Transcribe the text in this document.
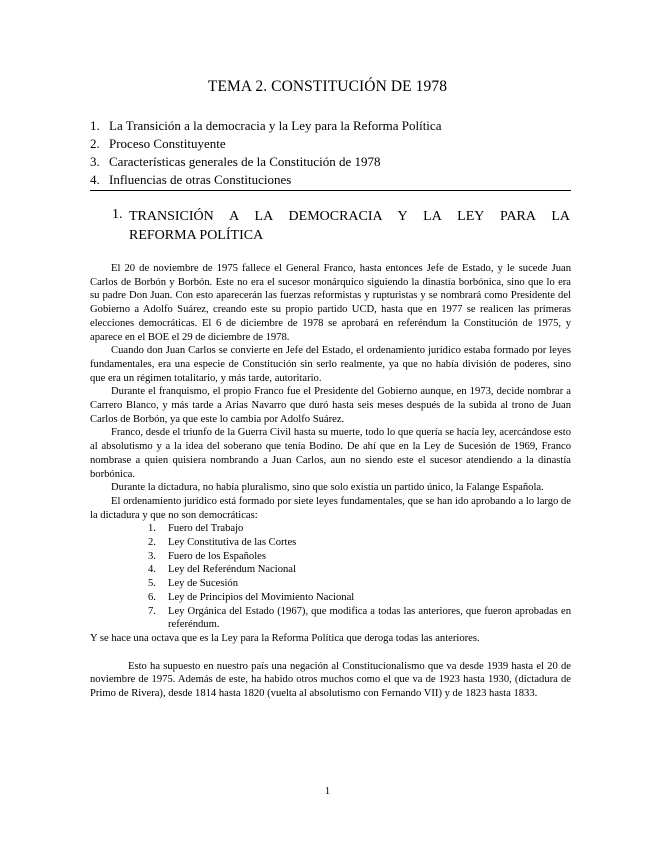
TEMA 2. CONSTITUCIÓN DE 1978
1. La Transición a la democracia y la Ley para la Reforma Política
2. Proceso Constituyente
3. Características generales de la Constitución de 1978
4. Influencias de otras Constituciones
1. TRANSICIÓN A LA DEMOCRACIA Y LA LEY PARA LA
REFORMA POLÍTICA

El 20 de noviembre de 1975 fallece el General Franco, hasta entonces Jefe de Estado, y le sucede Juan Carlos de Borbón y Borbón. Este no era el sucesor monárquico siguiendo la dinastía borbónica, sino que lo era su padre Don Juan. Con esto aparecerán las fuerzas reformistas y rupturistas y se nombrará como Presidente del Gobierno a Adolfo Suárez, creando este su propio partido UCD, hasta que en 1977 se realicen las primeras elecciones democráticas. El 6 de diciembre de 1978 se aprobará en referéndum la Constitución de 1975, y aparece en el BOE el 29 de diciembre de 1978.

Cuando don Juan Carlos se convierte en Jefe del Estado, el ordenamiento jurídico estaba formado por leyes fundamentales, era una especie de Constitución sin serlo realmente, ya que no había división de poderes, sino que era un régimen totalitario, y más tarde, autoritario.

Durante el franquismo, el propio Franco fue el Presidente del Gobierno aunque, en 1973, decide nombrar a Carrero Blanco, y más tarde a Arias Navarro que duró hasta seis meses después de la subida al trono de Juan Carlos de Borbón, ya que este lo cambia por Adolfo Suárez.

Franco, desde el triunfo de la Guerra Civil hasta su muerte, todo lo que quería se hacía ley, acercándose esto al absolutismo y a la idea del soberano que tenía Bodino. De ahí que en la Ley de Sucesión de 1969, Franco nombrase a quien quisiera nombrando a Juan Carlos, aun no siendo este el sucesor atendiendo a la dinastía borbónica.

Durante la dictadura, no había pluralismo, sino que solo existía un partido único, la Falange Española.

El ordenamiento jurídico está formado por siete leyes fundamentales, que se han ido aprobando a lo largo de la dictadura y que no son democráticas:

1. Fuero del Trabajo
2. Ley Constitutiva de las Cortes
3. Fuero de los Españoles
4. Ley del Referéndum Nacional
5. Ley de Sucesión
6. Ley de Principios del Movimiento Nacional
7. Ley Orgánica del Estado (1967), que modifica a todas las anteriores, que fueron aprobadas en referéndum.

Y se hace una octava que es la Ley para la Reforma Política que deroga todas las anteriores.

Esto ha supuesto en nuestro país una negación al Constitucionalismo que va desde 1939 hasta el 20 de noviembre de 1975. Además de este, ha habido otros muchos como el que va de 1923 hasta 1930, (dictadura de Primo de Rivera), desde 1814 hasta 1820 (vuelta al absolutismo con Fernando VII) y de 1823 hasta 1833.

1
